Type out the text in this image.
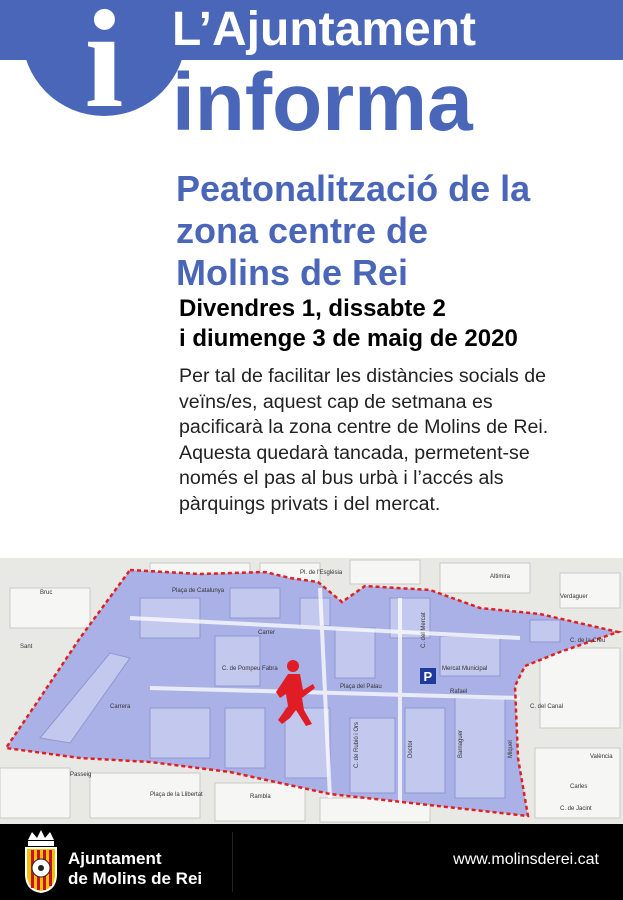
i	L’Ajuntament
informa
Peatonalització de la
zona centre de
Molins de Rei
Divendres 1, dissabte 2
i diumenge 3 de maig de 2020
Per tal de facilitar les distàncies socials de
veïns/es, aquest cap de setmana es
pacificarà la zona centre de Molins de Rei.
Aquesta quedarà tancada, permetent-se
només el pas al bus urbà i l’accés als
pàrquings privats i del mercat.
Plaça de Catalunya
Carrer
Pl. de l'Església
C. de la Creu
C. del Mercat
Mercat Municipal
C. de Pompeu Fabra
Plaça del Palau
Rafael
Plaça de la Llibertat
C. de Rubió i Ors	Doctor	Barnaguer	Miquel
C. de Jacint
Passeig
Rambla
Bruc
Sant
Carrera
Verdaguer
Altimira
C. del Canal
Carles
València
P
Ajuntament
de Molins de Rei
www.molinsderei.cat
